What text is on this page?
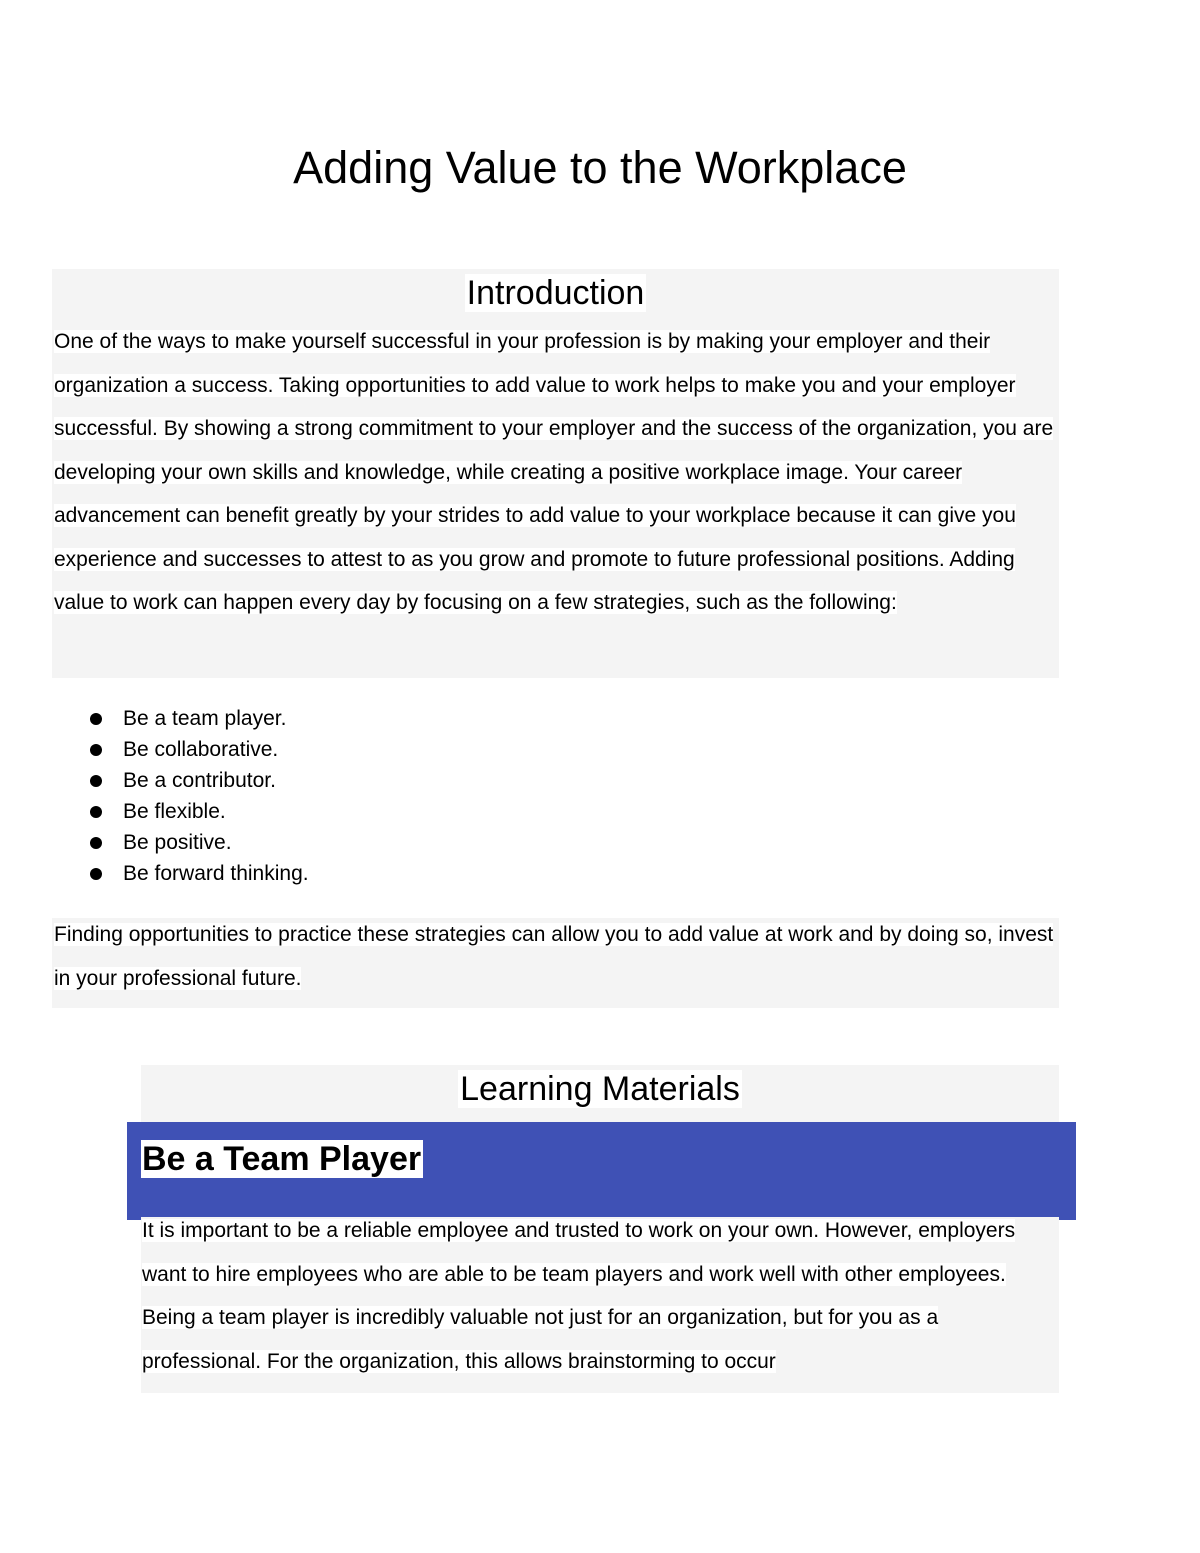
Adding Value to the Workplace
Introduction

One of the ways to make yourself successful in your profession is by making your employer and their organization a success. Taking opportunities to add value to work helps to make you and your employer successful. By showing a strong commitment to your employer and the success of the organization, you are developing your own skills and knowledge, while creating a positive workplace image. Your career advancement can benefit greatly by your strides to add value to your workplace because it can give you experience and successes to attest to as you grow and promote to future professional positions. Adding value to work can happen every day by focusing on a few strategies, such as the following:

Be a team player.
Be collaborative.
Be a contributor.
Be flexible.
Be positive.
Be forward thinking.

Finding opportunities to practice these strategies can allow you to add value at work and by doing so, invest in your professional future.

Learning Materials
Be a Team Player

It is important to be a reliable employee and trusted to work on your own. However, employers want to hire employees who are able to be team players and work well with other employees. Being a team player is incredibly valuable not just for an organization, but for you as a professional. For the organization, this allows brainstorming to occur
